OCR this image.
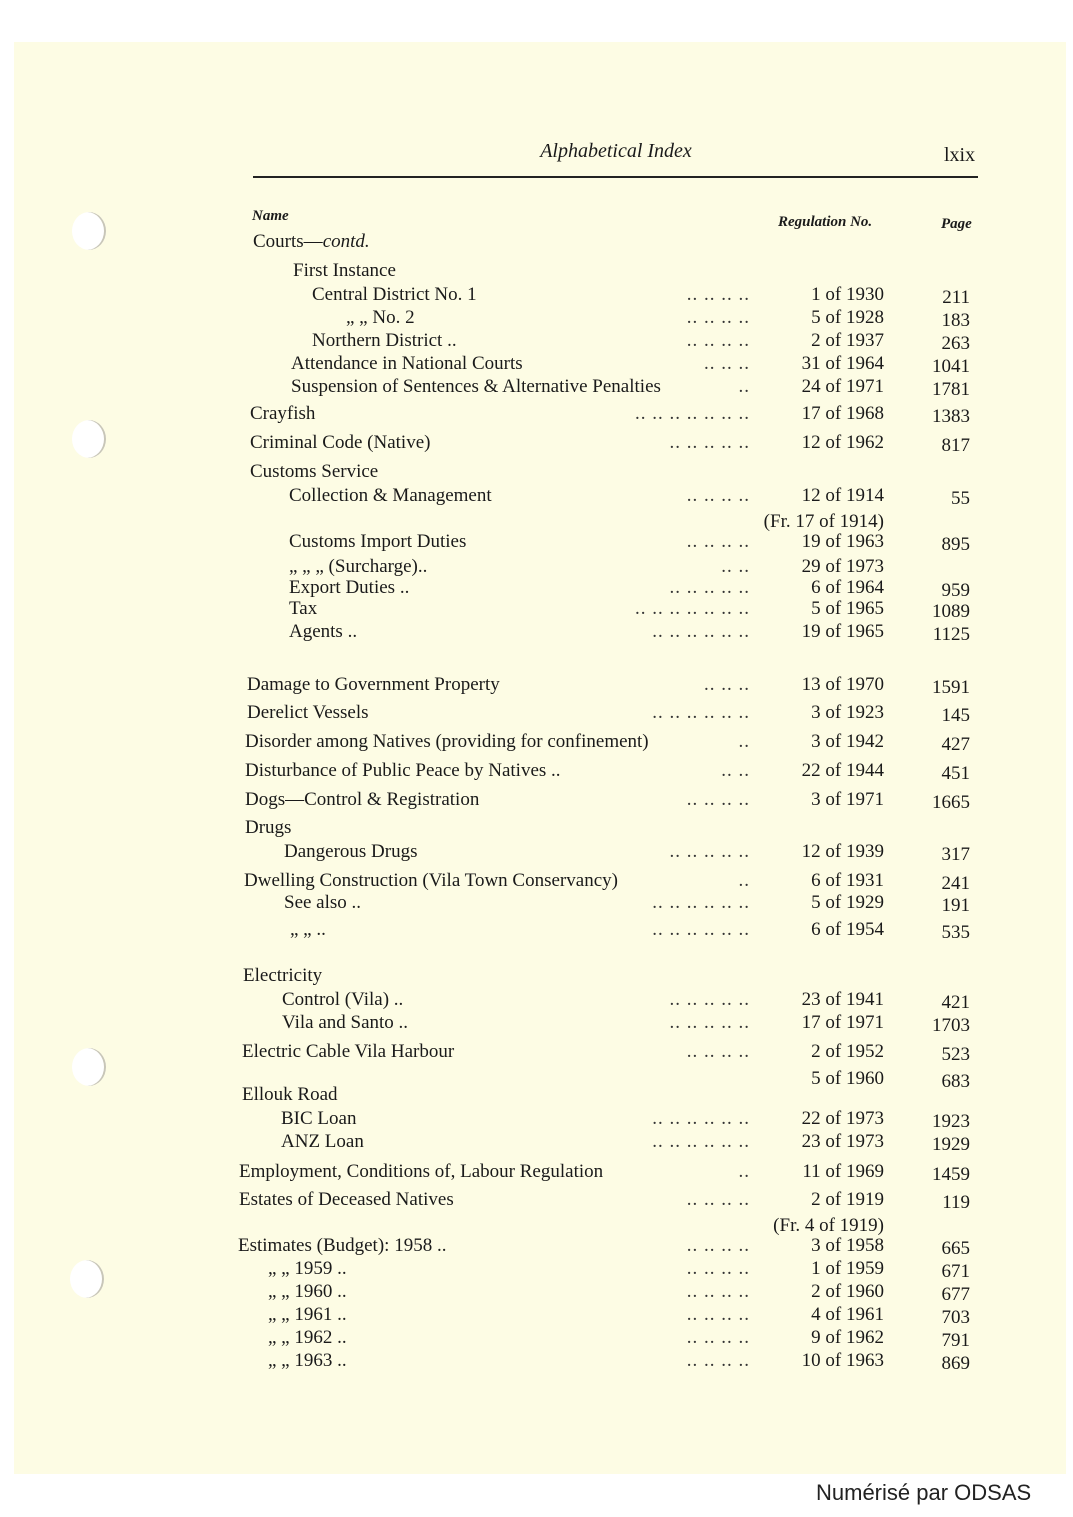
Alphabetical Index	lxix
Name	Regulation No.	Page
Courts—contd.
First Instance
Central District No. 1	.. .. .. ..	1 of 1930	211
„ „ No. 2	.. .. .. ..	5 of 1928	183
Northern District ..	.. .. .. ..	2 of 1937	263
Attendance in National Courts	.. .. ..	31 of 1964	1041
Suspension of Sentences & Alternative Penalties	..	24 of 1971	1781
Crayfish	.. .. .. .. .. .. ..	17 of 1968	1383
Criminal Code (Native)	.. .. .. .. ..	12 of 1962	817
Customs Service
Collection & Management	.. .. .. ..	12 of 1914	55
(Fr. 17 of 1914)
Customs Import Duties	.. .. .. ..	19 of 1963	895
„ „ „ (Surcharge)..	.. ..	29 of 1973
Export Duties ..	.. .. .. .. ..	6 of 1964	959
Tax	.. .. .. .. .. .. ..	5 of 1965	1089
Agents ..	.. .. .. .. .. ..	19 of 1965	1125
Damage to Government Property	.. .. ..	13 of 1970	1591
Derelict Vessels	.. .. .. .. .. ..	3 of 1923	145
Disorder among Natives (providing for confinement)	..	3 of 1942	427
Disturbance of Public Peace by Natives ..	.. ..	22 of 1944	451
Dogs—Control & Registration	.. .. .. ..	3 of 1971	1665
Drugs
Dangerous Drugs	.. .. .. .. ..	12 of 1939	317
Dwelling Construction (Vila Town Conservancy)	..	6 of 1931	241
See also ..	.. .. .. .. .. ..	5 of 1929	191
„ „ ..	.. .. .. .. .. ..	6 of 1954	535
Electricity
Control (Vila) ..	.. .. .. .. ..	23 of 1941	421
Vila and Santo ..	.. .. .. .. ..	17 of 1971	1703
Electric Cable Vila Harbour	.. .. .. ..	2 of 1952	523
5 of 1960	683
Ellouk Road
BIC Loan	.. .. .. .. .. ..	22 of 1973	1923
ANZ Loan	.. .. .. .. .. ..	23 of 1973	1929
Employment, Conditions of, Labour Regulation	..	11 of 1969	1459
Estates of Deceased Natives	.. .. .. ..	2 of 1919	119
(Fr. 4 of 1919)
Estimates (Budget): 1958 ..	.. .. .. ..	3 of 1958	665
„ „ 1959 ..	.. .. .. ..	1 of 1959	671
„ „ 1960 ..	.. .. .. ..	2 of 1960	677
„ „ 1961 ..	.. .. .. ..	4 of 1961	703
„ „ 1962 ..	.. .. .. ..	9 of 1962	791
„ „ 1963 ..	.. .. .. ..	10 of 1963	869
Numérisé par ODSAS
